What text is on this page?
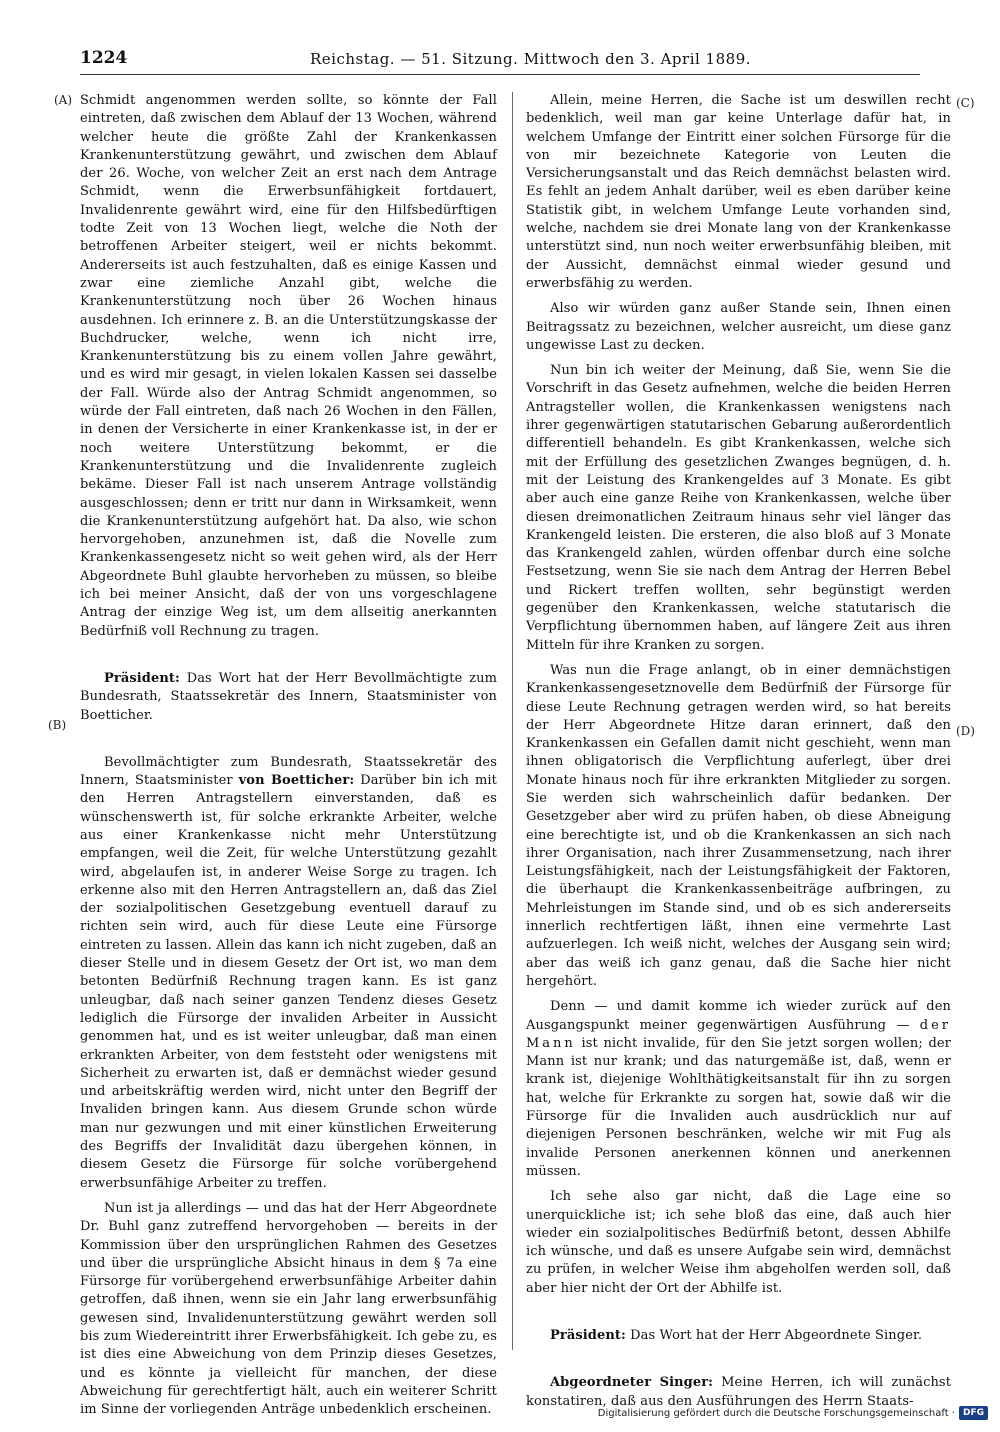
1224	Reichstag. — 51. Sitzung. Mittwoch den 3. April 1889.
(A)
(B)
(C)
(D)

Schmidt angenommen werden sollte, so könnte der Fall eintreten, daß zwischen dem Ablauf der 13 Wochen, während welcher heute die größte Zahl der Krankenkassen Krankenunterstützung gewährt, und zwischen dem Ablauf der 26. Woche, von welcher Zeit an erst nach dem Antrage Schmidt, wenn die Erwerbsunfähigkeit fortdauert, Invalidenrente gewährt wird, eine für den Hilfsbedürftigen todte Zeit von 13 Wochen liegt, welche die Noth der betroffenen Arbeiter steigert, weil er nichts bekommt. Andererseits ist auch festzuhalten, daß es einige Kassen und zwar eine ziemliche Anzahl gibt, welche die Krankenunterstützung noch über 26 Wochen hinaus ausdehnen. Ich erinnere z. B. an die Unterstützungskasse der Buchdrucker, welche, wenn ich nicht irre, Krankenunterstützung bis zu einem vollen Jahre gewährt, und es wird mir gesagt, in vielen lokalen Kassen sei dasselbe der Fall. Würde also der Antrag Schmidt angenommen, so würde der Fall eintreten, daß nach 26 Wochen in den Fällen, in denen der Versicherte in einer Krankenkasse ist, in der er noch weitere Unterstützung bekommt, er die Krankenunterstützung und die Invalidenrente zugleich bekäme. Dieser Fall ist nach unserem Antrage vollständig ausgeschlossen; denn er tritt nur dann in Wirksamkeit, wenn die Krankenunterstützung aufgehört hat. Da also, wie schon hervorgehoben, anzunehmen ist, daß die Novelle zum Krankenkassengesetz nicht so weit gehen wird, als der Herr Abgeordnete Buhl glaubte hervorheben zu müssen, so bleibe ich bei meiner Ansicht, daß der von uns vorgeschlagene Antrag der einzige Weg ist, um dem allseitig anerkannten Bedürfniß voll Rechnung zu tragen.

Präsident: Das Wort hat der Herr Bevollmächtigte zum Bundesrath, Staatssekretär des Innern, Staatsminister von Boetticher.

Bevollmächtigter zum Bundesrath, Staatssekretär des Innern, Staatsminister von Boetticher: Darüber bin ich mit den Herren Antragstellern einverstanden, daß es wünschenswerth ist, für solche erkrankte Arbeiter, welche aus einer Krankenkasse nicht mehr Unterstützung empfangen, weil die Zeit, für welche Unterstützung gezahlt wird, abgelaufen ist, in anderer Weise Sorge zu tragen. Ich erkenne also mit den Herren Antragstellern an, daß das Ziel der sozialpolitischen Gesetzgebung eventuell darauf zu richten sein wird, auch für diese Leute eine Fürsorge eintreten zu lassen. Allein das kann ich nicht zugeben, daß an dieser Stelle und in diesem Gesetz der Ort ist, wo man dem betonten Bedürfniß Rechnung tragen kann. Es ist ganz unleugbar, daß nach seiner ganzen Tendenz dieses Gesetz lediglich die Fürsorge der invaliden Arbeiter in Aussicht genommen hat, und es ist weiter unleugbar, daß man einen erkrankten Arbeiter, von dem feststeht oder wenigstens mit Sicherheit zu erwarten ist, daß er demnächst wieder gesund und arbeitskräftig werden wird, nicht unter den Begriff der Invaliden bringen kann. Aus diesem Grunde schon würde man nur gezwungen und mit einer künstlichen Erweiterung des Begriffs der Invalidität dazu übergehen können, in diesem Gesetz die Fürsorge für solche vorübergehend erwerbsunfähige Arbeiter zu treffen.

Nun ist ja allerdings — und das hat der Herr Abgeordnete Dr. Buhl ganz zutreffend hervorgehoben — bereits in der Kommission über den ursprünglichen Rahmen des Gesetzes und über die ursprüngliche Absicht hinaus in dem § 7a eine Fürsorge für vorübergehend erwerbsunfähige Arbeiter dahin getroffen, daß ihnen, wenn sie ein Jahr lang erwerbsunfähig gewesen sind, Invalidenunterstützung gewährt werden soll bis zum Wiedereintritt ihrer Erwerbsfähigkeit. Ich gebe zu, es ist dies eine Abweichung von dem Prinzip dieses Gesetzes, und es könnte ja vielleicht für manchen, der diese Abweichung für gerechtfertigt hält, auch ein weiterer Schritt im Sinne der vorliegenden Anträge unbedenklich erscheinen.

Allein, meine Herren, die Sache ist um deswillen recht bedenklich, weil man gar keine Unterlage dafür hat, in welchem Umfange der Eintritt einer solchen Fürsorge für die von mir bezeichnete Kategorie von Leuten die Versicherungsanstalt und das Reich demnächst belasten wird. Es fehlt an jedem Anhalt darüber, weil es eben darüber keine Statistik gibt, in welchem Umfange Leute vorhanden sind, welche, nachdem sie drei Monate lang von der Krankenkasse unterstützt sind, nun noch weiter erwerbsunfähig bleiben, mit der Aussicht, demnächst einmal wieder gesund und erwerbsfähig zu werden.

Also wir würden ganz außer Stande sein, Ihnen einen Beitragssatz zu bezeichnen, welcher ausreicht, um diese ganz ungewisse Last zu decken.

Nun bin ich weiter der Meinung, daß Sie, wenn Sie die Vorschrift in das Gesetz aufnehmen, welche die beiden Herren Antragsteller wollen, die Krankenkassen wenigstens nach ihrer gegenwärtigen statutarischen Gebarung außerordentlich differentiell behandeln. Es gibt Krankenkassen, welche sich mit der Erfüllung des gesetzlichen Zwanges begnügen, d. h. mit der Leistung des Krankengeldes auf 3 Monate. Es gibt aber auch eine ganze Reihe von Krankenkassen, welche über diesen dreimonatlichen Zeitraum hinaus sehr viel länger das Krankengeld leisten. Die ersteren, die also bloß auf 3 Monate das Krankengeld zahlen, würden offenbar durch eine solche Festsetzung, wenn Sie sie nach dem Antrag der Herren Bebel und Rickert treffen wollten, sehr begünstigt werden gegenüber den Krankenkassen, welche statutarisch die Verpflichtung übernommen haben, auf längere Zeit aus ihren Mitteln für ihre Kranken zu sorgen.

Was nun die Frage anlangt, ob in einer demnächstigen Krankenkassengesetznovelle dem Bedürfniß der Fürsorge für diese Leute Rechnung getragen werden wird, so hat bereits der Herr Abgeordnete Hitze daran erinnert, daß den Krankenkassen ein Gefallen damit nicht geschieht, wenn man ihnen obligatorisch die Verpflichtung auferlegt, über drei Monate hinaus noch für ihre erkrankten Mitglieder zu sorgen. Sie werden sich wahrscheinlich dafür bedanken. Der Gesetzgeber aber wird zu prüfen haben, ob diese Abneigung eine berechtigte ist, und ob die Krankenkassen an sich nach ihrer Organisation, nach ihrer Zusammensetzung, nach ihrer Leistungsfähigkeit, nach der Leistungsfähigkeit der Faktoren, die überhaupt die Krankenkassenbeiträge aufbringen, zu Mehrleistungen im Stande sind, und ob es sich andererseits innerlich rechtfertigen läßt, ihnen eine vermehrte Last aufzuerlegen. Ich weiß nicht, welches der Ausgang sein wird; aber das weiß ich ganz genau, daß die Sache hier nicht hergehört.

Denn — und damit komme ich wieder zurück auf den Ausgangspunkt meiner gegenwärtigen Ausführung — der Mann ist nicht invalide, für den Sie jetzt sorgen wollen; der Mann ist nur krank; und das naturgemäße ist, daß, wenn er krank ist, diejenige Wohlthätigkeitsanstalt für ihn zu sorgen hat, welche für Erkrankte zu sorgen hat, sowie daß wir die Fürsorge für die Invaliden auch ausdrücklich nur auf diejenigen Personen beschränken, welche wir mit Fug als invalide Personen anerkennen können und anerkennen müssen.

Ich sehe also gar nicht, daß die Lage eine so unerquickliche ist; ich sehe bloß das eine, daß auch hier wieder ein sozialpolitisches Bedürfniß betont, dessen Abhilfe ich wünsche, und daß es unsere Aufgabe sein wird, demnächst zu prüfen, in welcher Weise ihm abgeholfen werden soll, daß aber hier nicht der Ort der Abhilfe ist.

Präsident: Das Wort hat der Herr Abgeordnete Singer.

Abgeordneter Singer: Meine Herren, ich will zunächst konstatiren, daß aus den Ausführungen des Herrn Staats-

Digitalisierung gefördert durch die Deutsche Forschungsgemeinschaft · DFG
